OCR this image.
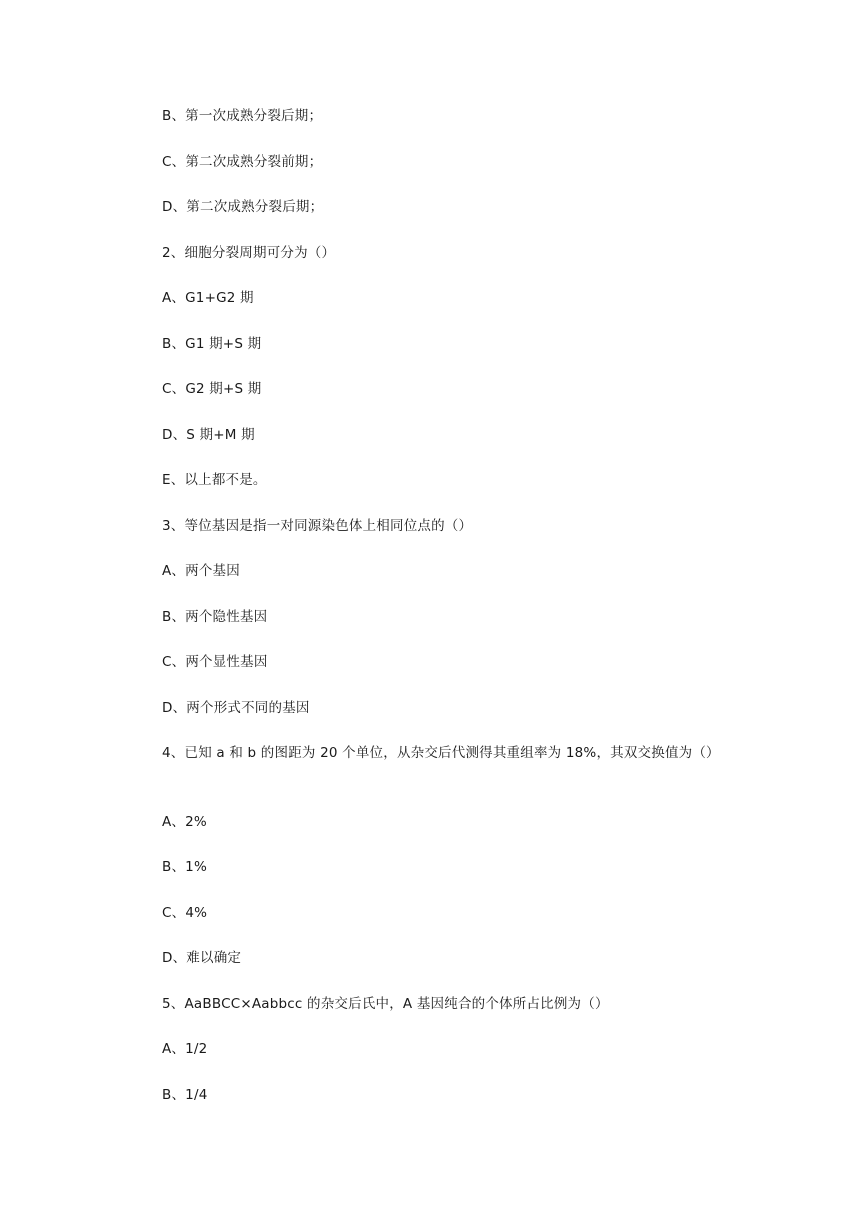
B、第一次成熟分裂后期；
C、第二次成熟分裂前期；
D、第二次成熟分裂后期；
2、细胞分裂周期可分为（）
A、G1+G2 期
B、G1 期+S 期
C、G2 期+S 期
D、S 期+M 期
E、以上都不是。
3、等位基因是指一对同源染色体上相同位点的（）
A、两个基因
B、两个隐性基因
C、两个显性基因
D、两个形式不同的基因
4、已知 a 和 b 的图距为 20 个单位，从杂交后代测得其重组率为 18%，其双交换值为（）
A、2%
B、1%
C、4%
D、难以确定
5、AaBBCC×Aabbcc 的杂交后氏中，A 基因纯合的个体所占比例为（）
A、1/2
B、1/4
